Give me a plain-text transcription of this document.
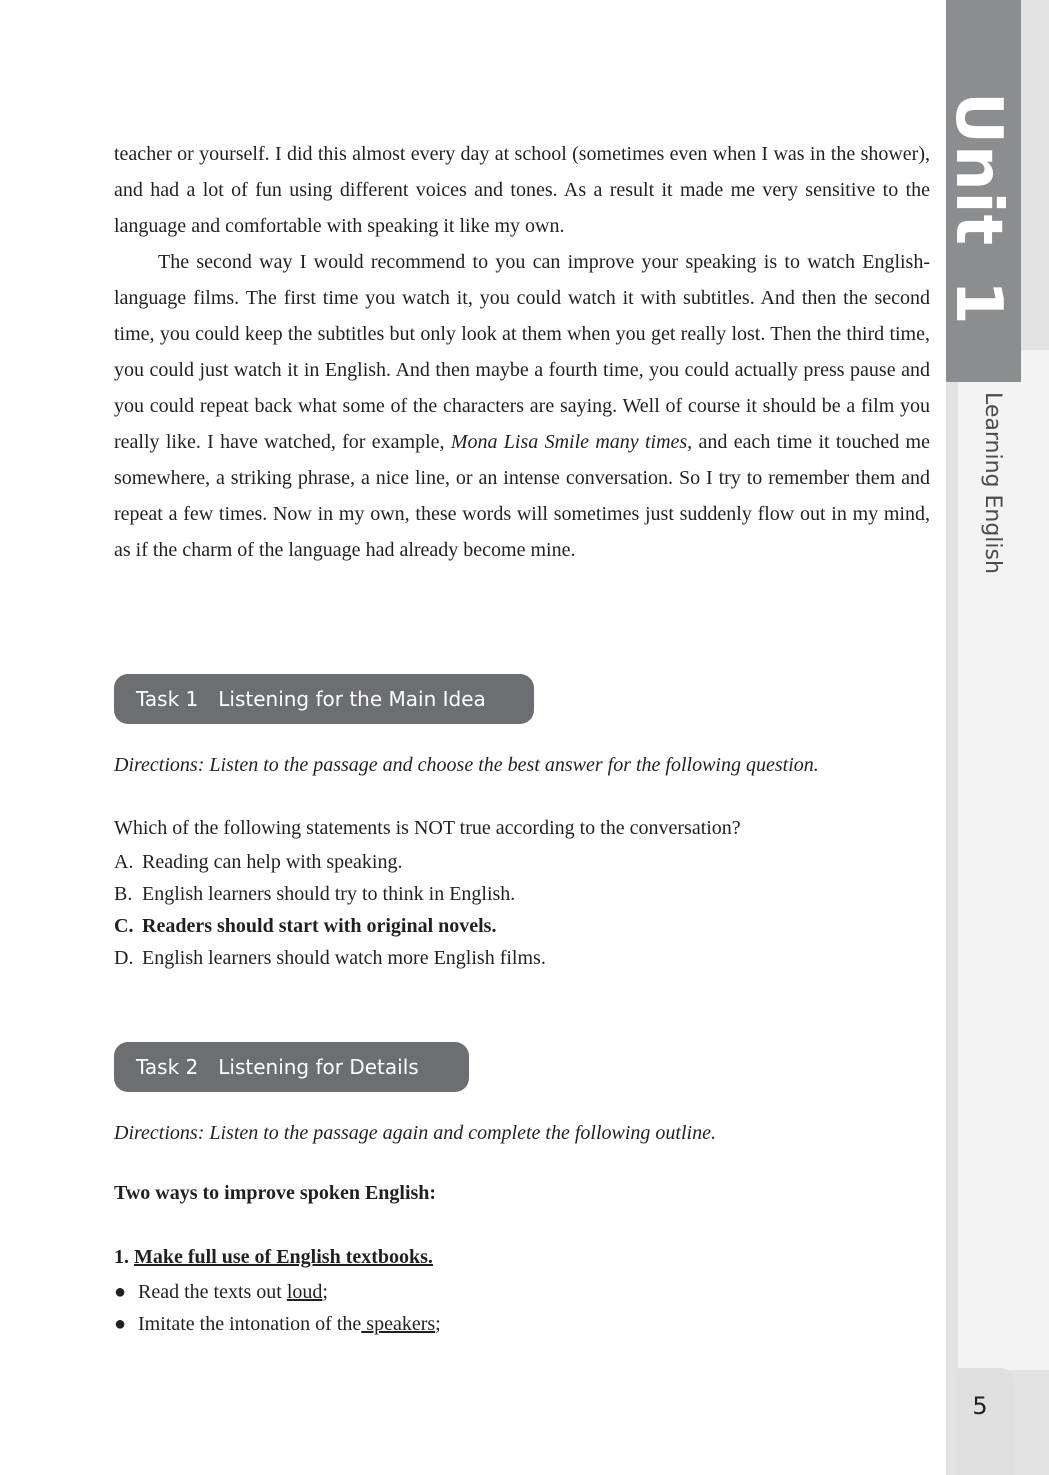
Unit1
Learning English
5

teacher or yourself. I did this almost every day at school (sometimes even when I was in the shower), and had a lot of fun using different voices and tones. As a result it made me very sensitive to the language and comfortable with speaking it like my own.

The second way I would recommend to you can improve your speaking is to watch English-language films. The first time you watch it, you could watch it with subtitles. And then the second time, you could keep the subtitles but only look at them when you get really lost. Then the third time, you could just watch it in English. And then maybe a fourth time, you could actually press pause and you could repeat back what some of the characters are saying. Well of course it should be a film you really like. I have watched, for example, Mona Lisa Smile many times, and each time it touched me somewhere, a striking phrase, a nice line, or an intense conversation. So I try to remember them and repeat a few times. Now in my own, these words will sometimes just suddenly flow out in my mind, as if the charm of the language had already become mine.

Task 1 Listening for the Main Idea
Directions: Listen to the passage and choose the best answer for the following question.
Which of the following statements is NOT true according to the conversation?
A. Reading can help with speaking.
B. English learners should try to think in English.
C. Readers should start with original novels.
D. English learners should watch more English films.
Task 2 Listening for Details
Directions: Listen to the passage again and complete the following outline.
Two ways to improve spoken English:
1. Make full use of English textbooks.
● Read the texts out loud;
● Imitate the intonation of the speakers;
